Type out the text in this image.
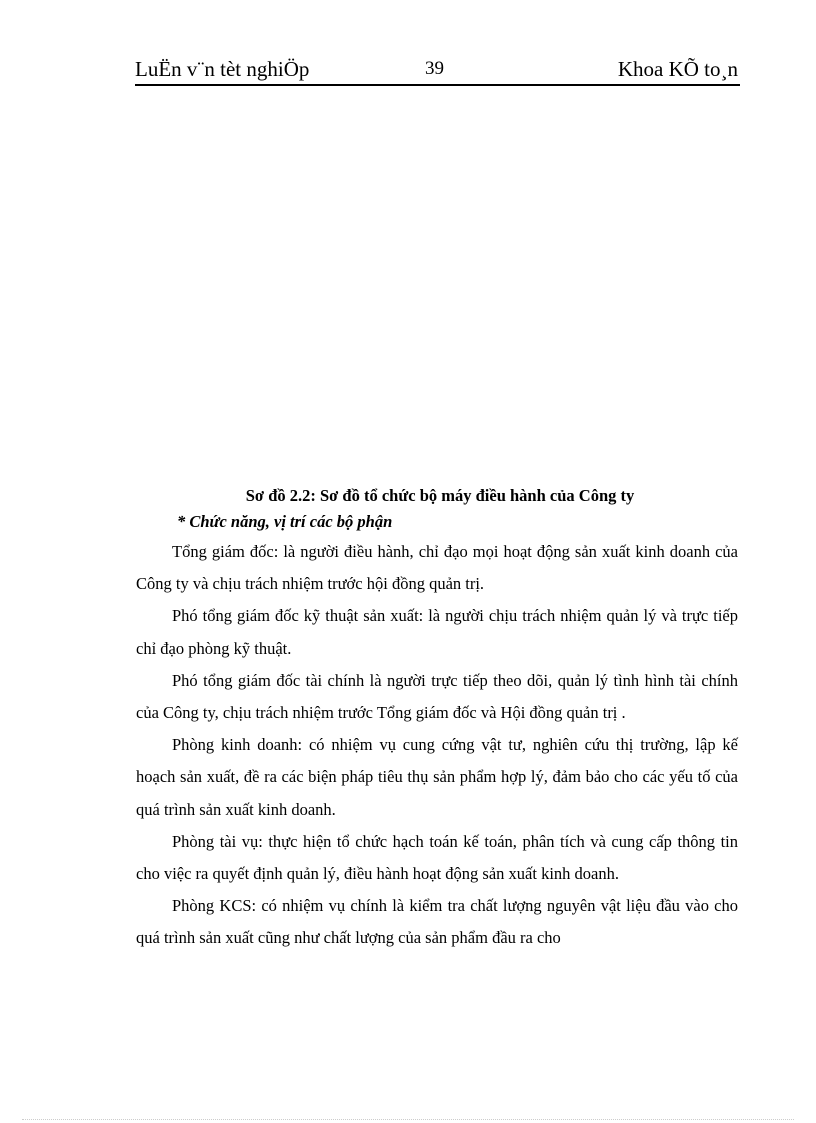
LuËn v¨n tèt nghiÖp	39	Khoa KÕ to¸n
Sơ đồ 2.2: Sơ đồ tổ chức bộ máy điều hành của Công ty
* Chức năng, vị trí các bộ phận

Tổng giám đốc: là người điều hành, chỉ đạo mọi hoạt động sản xuất kinh doanh của Công ty và chịu trách nhiệm trước hội đồng quản trị.

Phó tổng giám đốc kỹ thuật sản xuất: là người chịu trách nhiệm quản lý và trực tiếp chỉ đạo phòng kỹ thuật.

Phó tổng giám đốc tài chính là người trực tiếp theo dõi, quản lý tình hình tài chính của Công ty, chịu trách nhiệm trước Tổng giám đốc và Hội đồng quản trị .

Phòng kinh doanh: có nhiệm vụ cung cứng vật tư, nghiên cứu thị trường, lập kế hoạch sản xuất, đề ra các biện pháp tiêu thụ sản phẩm hợp lý, đảm bảo cho các yếu tố của quá trình sản xuất kinh doanh.

Phòng tài vụ: thực hiện tổ chức hạch toán kế toán, phân tích và cung cấp thông tin cho việc ra quyết định quản lý, điều hành hoạt động sản xuất kinh doanh.

Phòng KCS: có nhiệm vụ chính là kiểm tra chất lượng nguyên vật liệu đầu vào cho quá trình sản xuất cũng như chất lượng của sản phẩm đầu ra cho
